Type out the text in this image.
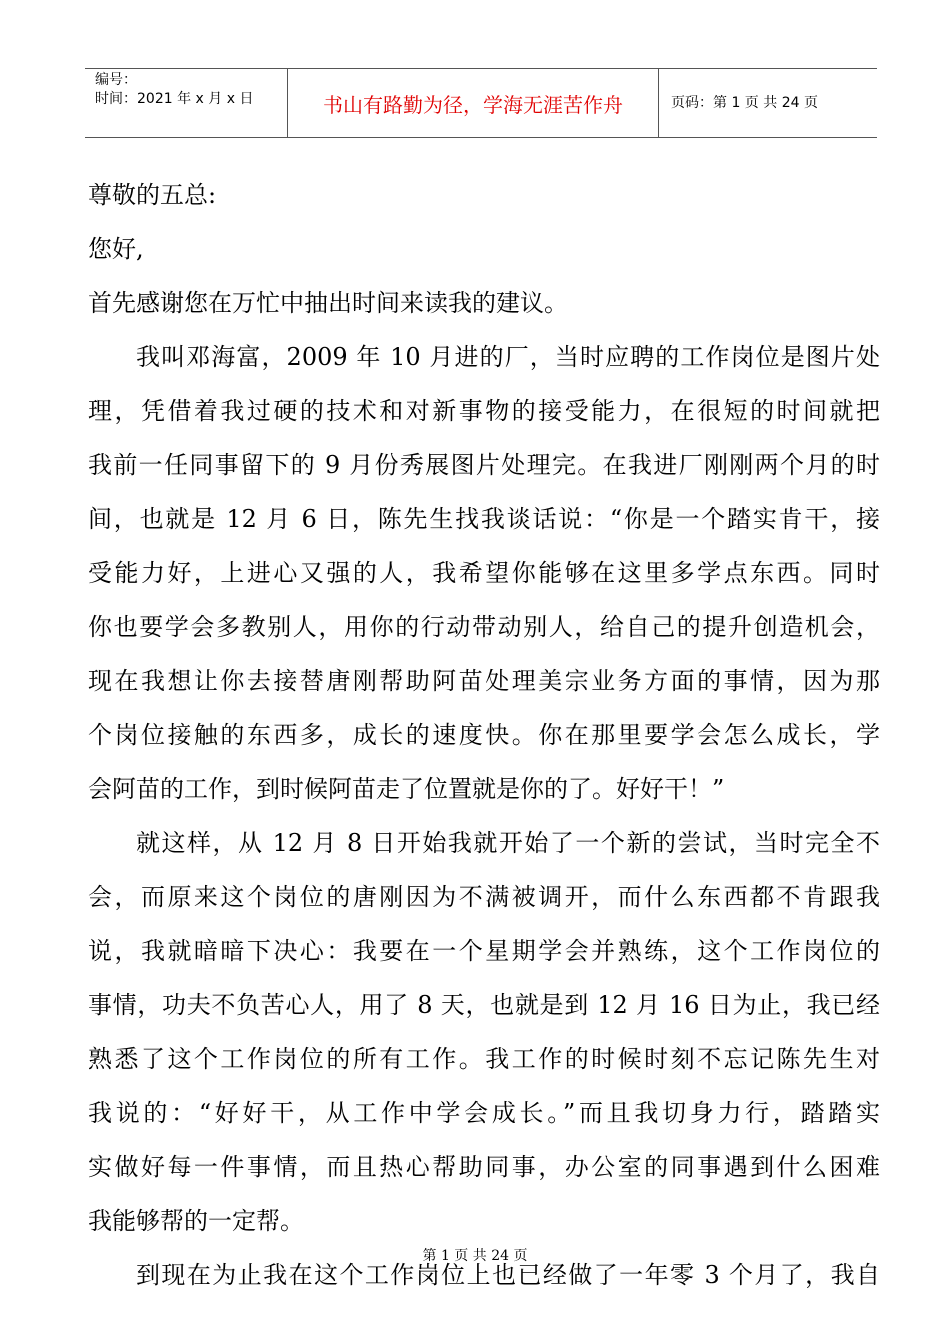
编号：
时间：2021 年 x 月 x 日	书山有路勤为径，学海无涯苦作舟	页码：第 1 页 共 24 页
尊敬的五总:
您好,
首先感谢您在万忙中抽出时间来读我的建议。
我叫邓海富，2009 年 10 月进的厂，当时应聘的工作岗位是图片处
理，凭借着我过硬的技术和对新事物的接受能力，在很短的时间就把
我前一任同事留下的 9 月份秀展图片处理完。在我进厂刚刚两个月的时
间，也就是 12 月 6 日，陈先生找我谈话说：“你是一个踏实肯干，接
受能力好，上进心又强的人，我希望你能够在这里多学点东西。同时
你也要学会多教别人，用你的行动带动别人，给自己的提升创造机会，
现在我想让你去接替唐刚帮助阿苗处理美宗业务方面的事情，因为那
个岗位接触的东西多，成长的速度快。你在那里要学会怎么成长，学
会阿苗的工作，到时候阿苗走了位置就是你的了。好好干！”
就这样，从 12 月 8 日开始我就开始了一个新的尝试，当时完全不
会，而原来这个岗位的唐刚因为不满被调开，而什么东西都不肯跟我
说，我就暗暗下决心：我要在一个星期学会并熟练，这个工作岗位的
事情，功夫不负苦心人，用了 8 天，也就是到 12 月 16 日为止，我已经
熟悉了这个工作岗位的所有工作。我工作的时候时刻不忘记陈先生对
我说的：“好好干，从工作中学会成长。”而且我切身力行，踏踏实
实做好每一件事情，而且热心帮助同事，办公室的同事遇到什么困难
我能够帮的一定帮。
到现在为止我在这个工作岗位上也已经做了一年零 3 个月了，我自
第 1 页 共 24 页
